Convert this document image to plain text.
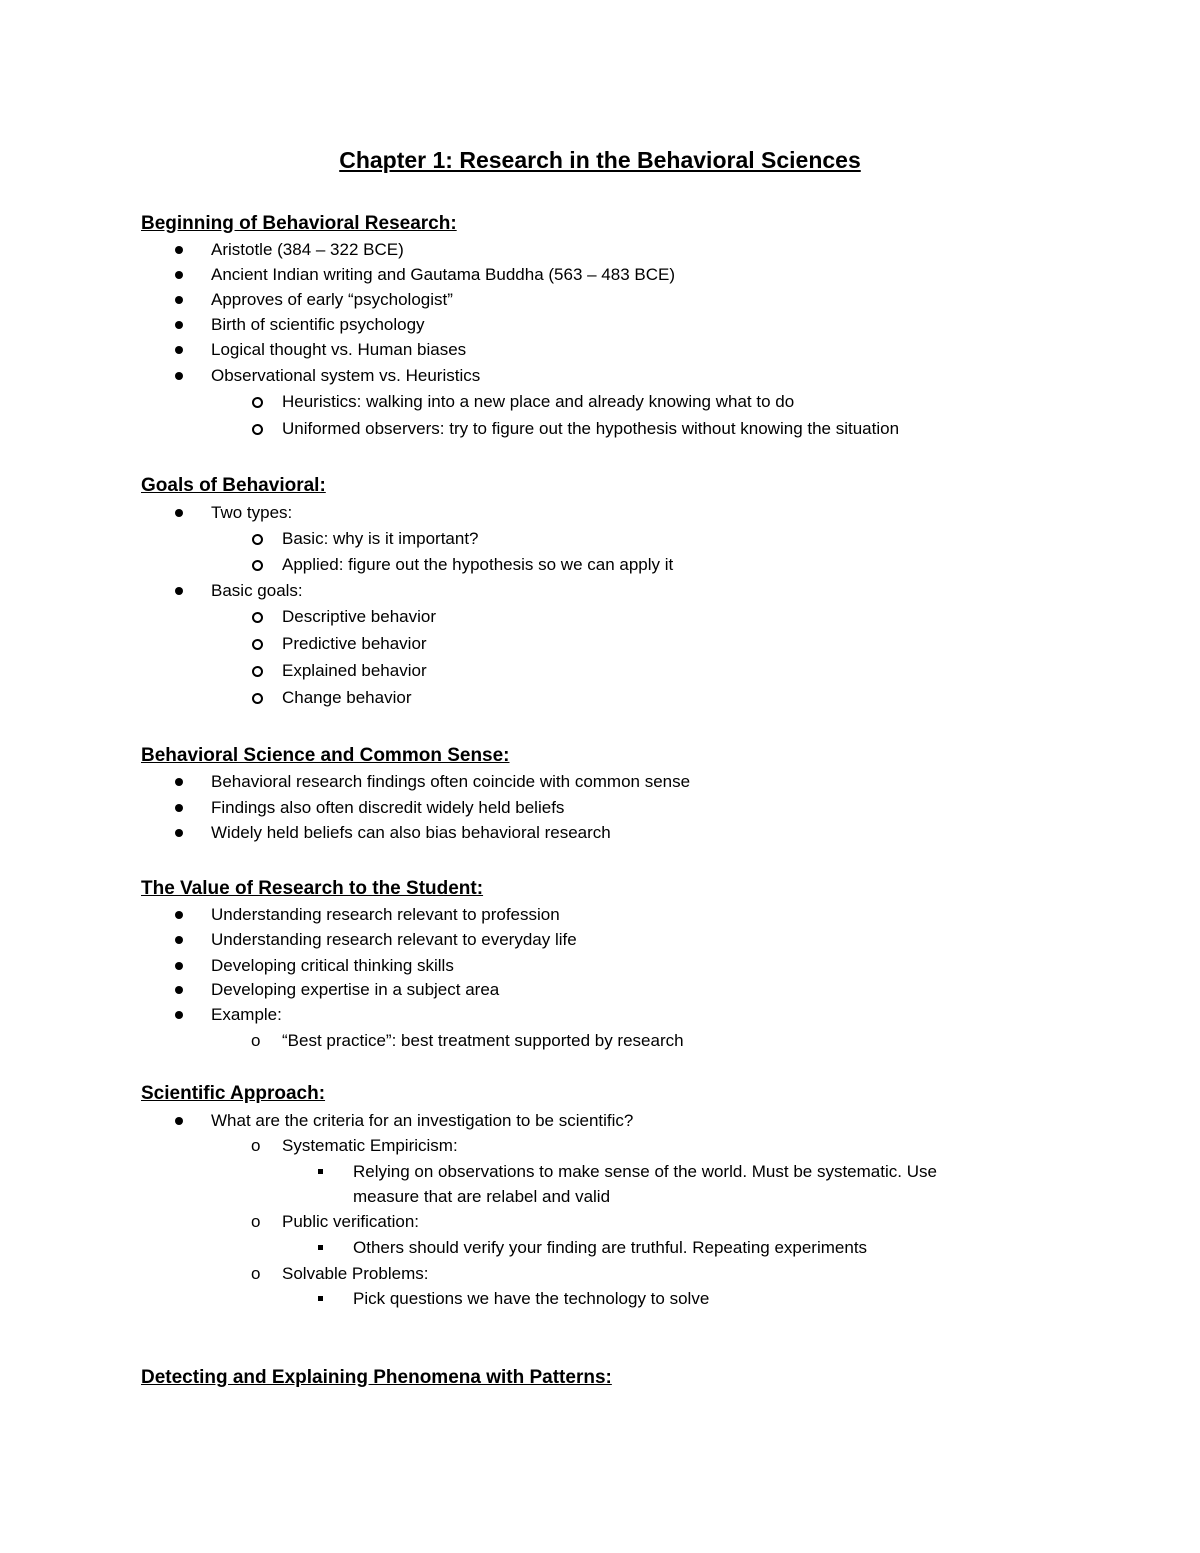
Chapter 1: Research in the Behavioral Sciences
Beginning of Behavioral Research:
Aristotle (384 – 322 BCE)
Ancient Indian writing and Gautama Buddha (563 – 483 BCE)
Approves of early “psychologist”
Birth of scientific psychology
Logical thought vs. Human biases
Observational system vs. Heuristics
Heuristics: walking into a new place and already knowing what to do
Uniformed observers: try to figure out the hypothesis without knowing the situation
Goals of Behavioral:
Two types:
Basic: why is it important?
Applied: figure out the hypothesis so we can apply it
Basic goals:
Descriptive behavior
Predictive behavior
Explained behavior
Change behavior
Behavioral Science and Common Sense:
Behavioral research findings often coincide with common sense
Findings also often discredit widely held beliefs
Widely held beliefs can also bias behavioral research
The Value of Research to the Student:
Understanding research relevant to profession
Understanding research relevant to everyday life
Developing critical thinking skills
Developing expertise in a subject area
Example:
o “Best practice”: best treatment supported by research
Scientific Approach:
What are the criteria for an investigation to be scientific?
o Systematic Empiricism:
Relying on observations to make sense of the world. Must be systematic. Use
measure that are relabel and valid
o Public verification:
Others should verify your finding are truthful. Repeating experiments
o Solvable Problems:
Pick questions we have the technology to solve
Detecting and Explaining Phenomena with Patterns:
